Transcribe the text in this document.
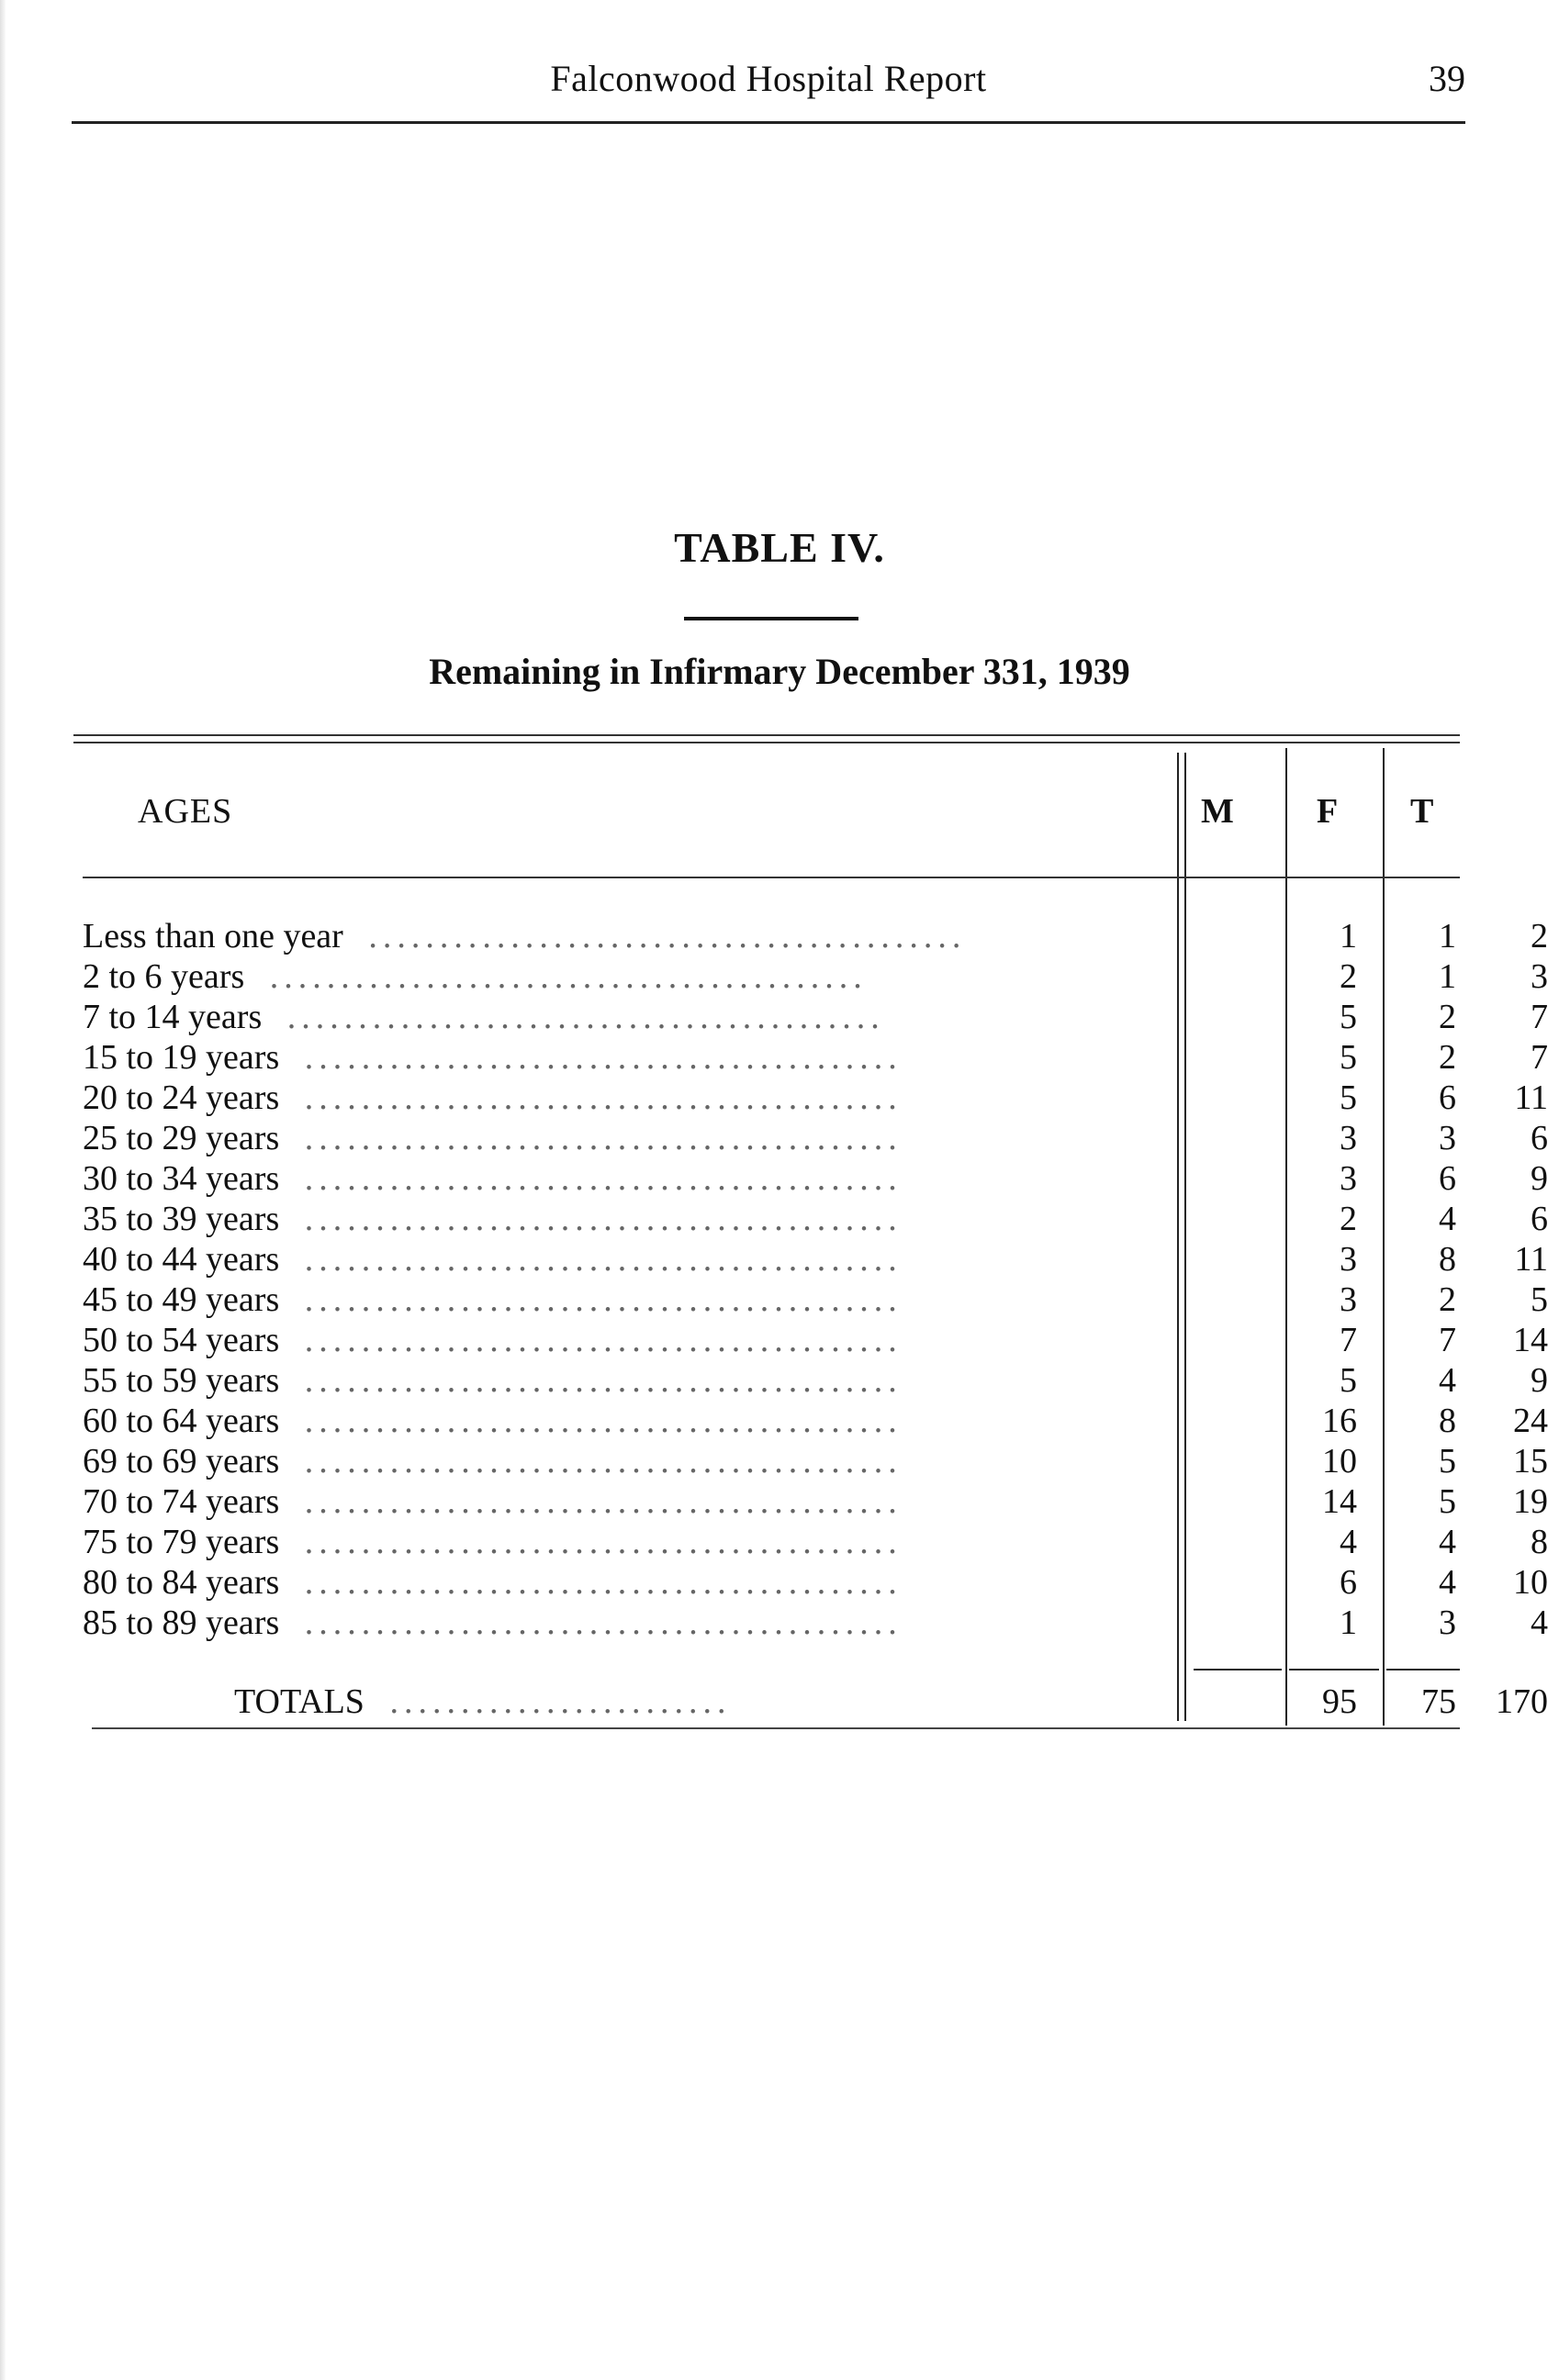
Falconwood Hospital Report	39
TABLE IV.
Remaining in Infirmary December 331, 1939
AGES	M F T
Less than one year ..........................................	1	1	2
2 to 6 years ..........................................	2	1	3
7 to 14 years ..........................................	5	2	7
15 to 19 years ..........................................	5	2	7
20 to 24 years ..........................................	5	6	11
25 to 29 years ..........................................	3	3	6
30 to 34 years ..........................................	3	6	9
35 to 39 years ..........................................	2	4	6
40 to 44 years ..........................................	3	8	11
45 to 49 years ..........................................	3	2	5
50 to 54 years ..........................................	7	7	14
55 to 59 years ..........................................	5	4	9
60 to 64 years ..........................................	16	8	24
69 to 69 years ..........................................	10	5	15
70 to 74 years ..........................................	14	5	19
75 to 79 years ..........................................	4	4	8
80 to 84 years ..........................................	6	4	10
85 to 89 years ..........................................	1	3	4
TOTALS ........................	95	75	170
